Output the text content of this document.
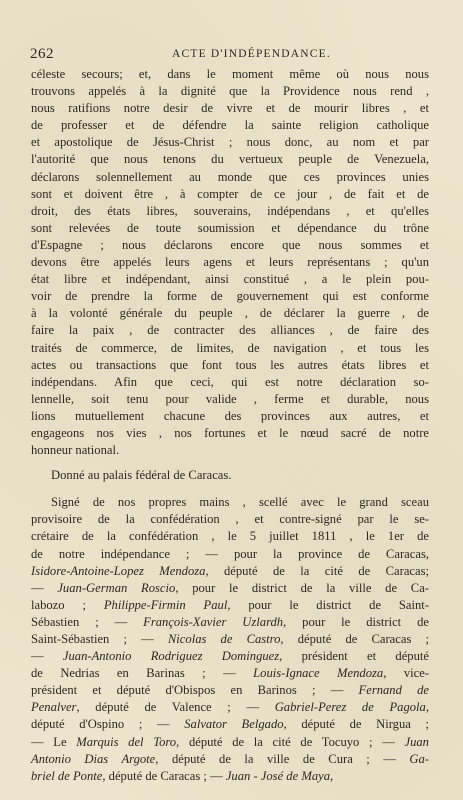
262	ACTE D'INDÉPENDANCE.
céleste secours; et, dans le moment même où nous nous
trouvons appelés à la dignité que la Providence nous rend ,
nous ratifions notre desir de vivre et de mourir libres , et
de professer et de défendre la sainte religion catholique
et apostolique de Jésus-Christ ; nous donc, au nom et par
l'autorité que nous tenons du vertueux peuple de Venezuela,
déclarons solennellement au monde que ces provinces unies
sont et doivent être , à compter de ce jour , de fait et de
droit, des états libres, souverains, indépendans , et qu'elles
sont relevées de toute soumission et dépendance du trône
d'Espagne ; nous déclarons encore que nous sommes et
devons être appelés leurs agens et leurs représentans ; qu'un
état libre et indépendant, ainsi constitué , a le plein pou-
voir de prendre la forme de gouvernement qui est conforme
à la volonté générale du peuple , de déclarer la guerre , de
faire la paix , de contracter des alliances , de faire des
traités de commerce, de limites, de navigation , et tous les
actes ou transactions que font tous les autres états libres et
indépendans. Afin que ceci, qui est notre déclaration so-
lennelle, soit tenu pour valide , ferme et durable, nous
lions mutuellement chacune des provinces aux autres, et
engageons nos vies , nos fortunes et le nœud sacré de notre
honneur national.
Donné au palais fédéral de Caracas.
Signé de nos propres mains , scellé avec le grand sceau
provisoire de la confédération , et contre-signé par le se-
crétaire de la confédération , le 5 juillet 1811 , le 1er de
de notre indépendance ; — pour la province de Caracas,
Isidore-Antoine-Lopez Mendoza, député de la cité de Caracas;
— Juan-German Roscio, pour le district de la ville de Ca-
labozo ; Philippe-Firmin Paul, pour le district de Saint-
Sébastien ; — François-Xavier Uzlardh, pour le district de
Saint-Sébastien ; — Nicolas de Castro, député de Caracas ;
— Juan-Antonio Rodriguez Dominguez, président et député
de Nedrias en Barinas ; — Louis-Ignace Mendoza, vice-
président et député d'Obispos en Barinos ; — Fernand de
Penalver, député de Valence ; — Gabriel-Perez de Pagola,
député d'Ospino ; — Salvator Belgado, député de Nirgua ;
— Le Marquis del Toro, député de la cité de Tocuyo ; — Juan
Antonio Dias Argote, député de la ville de Cura ; — Ga-
briel de Ponte, député de Caracas ; — Juan - José de Maya,
